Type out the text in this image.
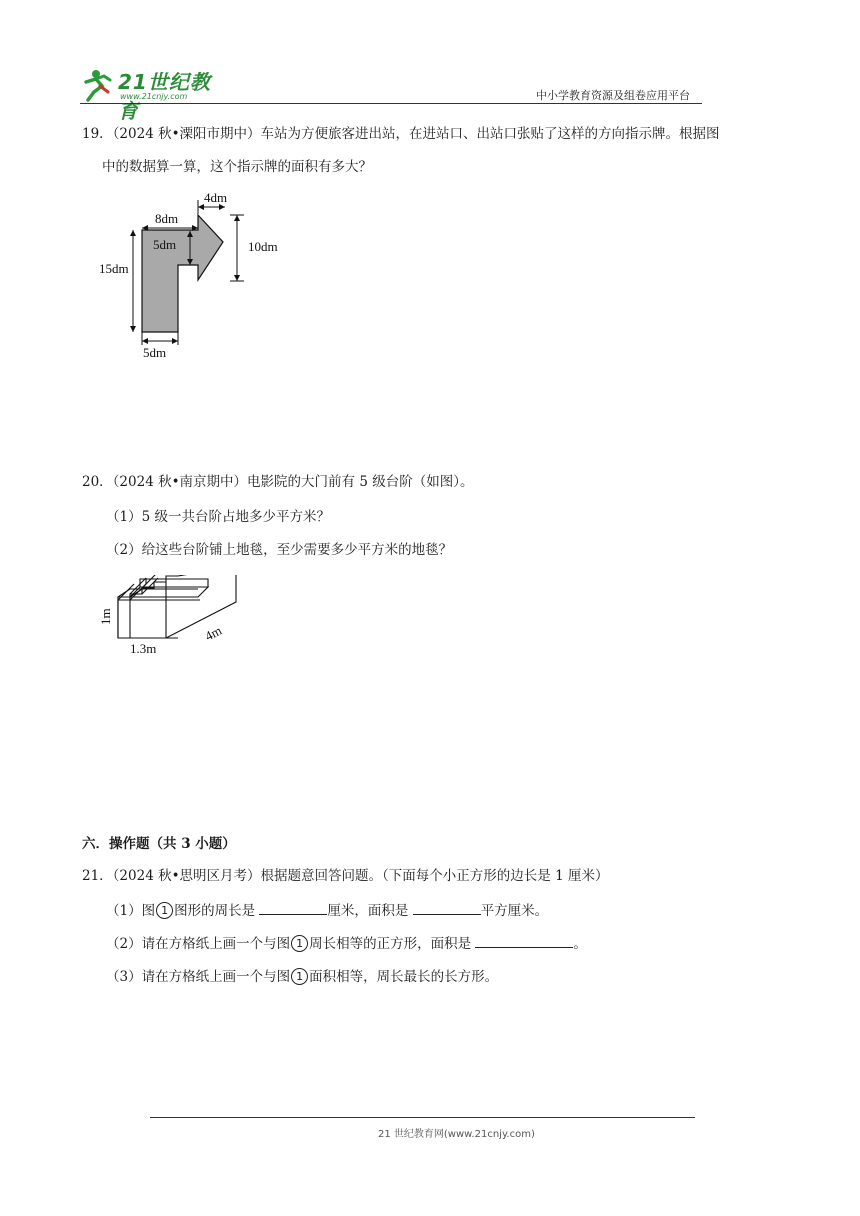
21世纪教育
www.21cnjy.com	中小学教育资源及组卷应用平台
19．（2024 秋•溧阳市期中）车站为方便旅客进出站，在进站口、出站口张贴了这样的方向指示牌。根据图
中的数据算一算，这个指示牌的面积有多大？
4dm
8dm
5dm	10dm
15dm
5dm
20．（2024 秋•南京期中）电影院的大门前有 5 级台阶（如图）。
（1）5 级一共台阶占地多少平方米？
（2）给这些台阶铺上地毯，至少需要多少平方米的地毯？
1m
4m
1.3m
六．操作题（共 3 小题）
21．（2024 秋•思明区月考）根据题意回答问题。（下面每个小正方形的边长是 1 厘米）
（1）图 1 图形的周长是	厘米，面积是	平方厘米。
（2）请在方格纸上画一个与图 1 周长相等的正方形，面积是	。
（3）请在方格纸上画一个与图 1 面积相等，周长最长的长方形。
21 世纪教育网(www.21cnjy.com)
